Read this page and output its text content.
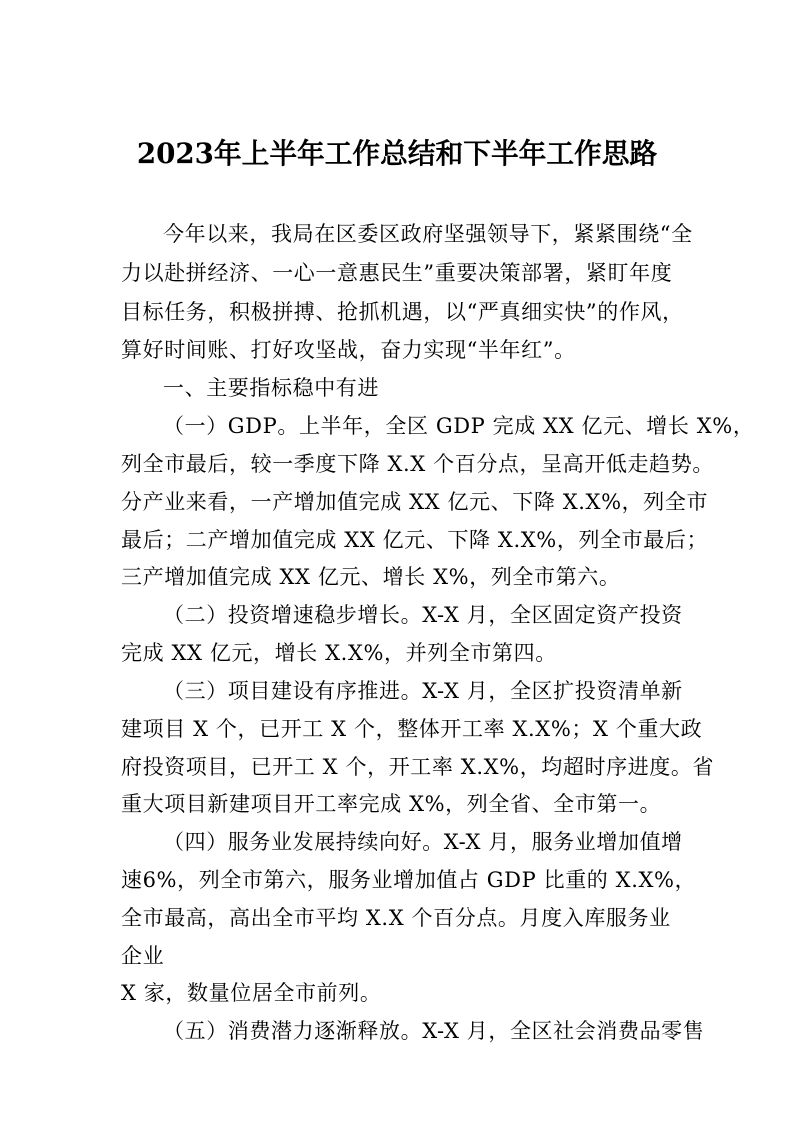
2023年上半年工作总结和下半年工作思路
今年以来，我局在区委区政府坚强领导下，紧紧围绕“全
力以赴拼经济、一心一意惠民生”重要决策部署，紧盯年度
目标任务，积极拼搏、抢抓机遇，以“严真细实快”的作风，
算好时间账、打好攻坚战，奋力实现“半年红”。
一、主要指标稳中有进
（一）GDP。上半年，全区 GDP 完成 XX 亿元、增长 X%，
列全市最后，较一季度下降 X.X 个百分点，呈高开低走趋势。
分产业来看，一产增加值完成 XX 亿元、下降 X.X%，列全市
最后；二产增加值完成 XX 亿元、下降 X.X%，列全市最后；
三产增加值完成 XX 亿元、增长 X%，列全市第六。
（二）投资增速稳步增长。X-X 月，全区固定资产投资
完成 XX 亿元，增长 X.X%，并列全市第四。
（三）项目建设有序推进。X-X 月，全区扩投资清单新
建项目 X 个，已开工 X 个，整体开工率 X.X%；X 个重大政
府投资项目，已开工 X 个，开工率 X.X%，均超时序进度。省
重大项目新建项目开工率完成 X%，列全省、全市第一。
（四）服务业发展持续向好。X-X 月，服务业增加值增
速6%，列全市第六，服务业增加值占 GDP 比重的 X.X%，
全市最高，高出全市平均 X.X 个百分点。月度入库服务业
企业
X 家，数量位居全市前列。
（五）消费潜力逐渐释放。X-X 月，全区社会消费品零售
